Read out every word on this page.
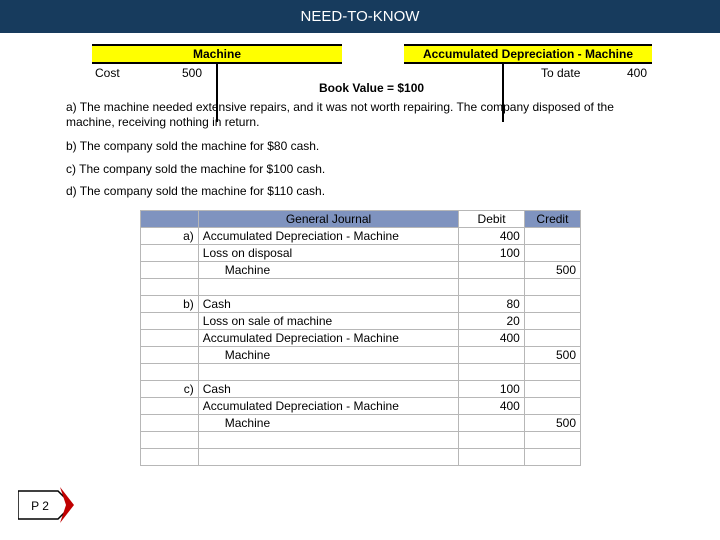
NEED-TO-KNOW
Machine
Cost	500
Accumulated Depreciation - Machine
To date	400
Book Value = $100
a) The machine needed extensive repairs, and it was not worth repairing. The company disposed of the
machine, receiving nothing in return.
b) The company sold the machine for $80 cash.
c) The company sold the machine for $100 cash.
d) The company sold the machine for $110 cash.
	General Journal	Debit	Credit
a)	Accumulated Depreciation - Machine	400	
	Loss on disposal	100	
	Machine		500

b)	Cash	80	
	Loss on sale of machine	20	
	Accumulated Depreciation - Machine	400	
	Machine		500

c)	Cash	100	
	Accumulated Depreciation - Machine	400	
	Machine		500

P 2
